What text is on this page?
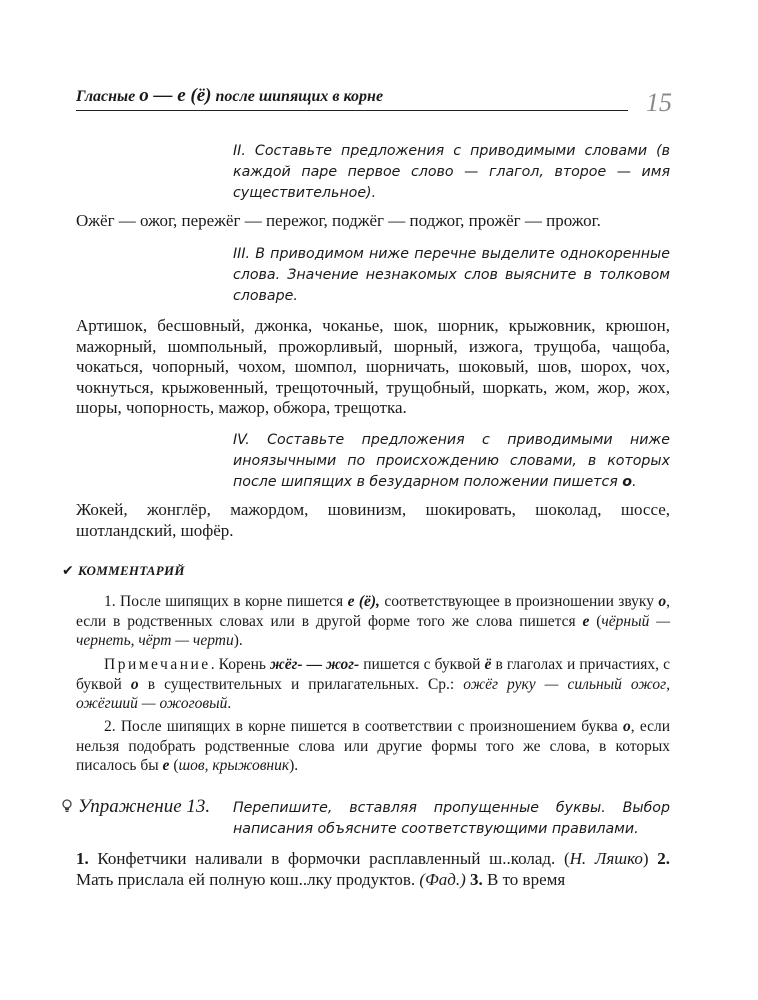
Гласные о — е (ё) после шипящих в корне	15

II. Составьте предложения с приводимыми словами (в каждой паре первое слово — глагол, второе — имя существительное).

Ожёг — ожог, пережёг — пережог, поджёг — поджог, прожёг — прожог.

III. В приводимом ниже перечне выделите однокоренные слова. Значение незнакомых слов выясните в толковом словаре.

Артишок, бесшовный, джонка, чоканье, шок, шорник, крыжовник, крюшон, мажорный, шомпольный, прожорливый, шорный, изжога, трущоба, чащоба, чокаться, чопорный, чохом, шомпол, шорничать, шоковый, шов, шорох, чох, чокнуться, крыжовенный, трещоточный, трущобный, шоркать, жом, жор, жох, шоры, чопорность, мажор, обжора, трещотка.

IV. Составьте предложения с приводимыми ниже иноязычными по происхождению словами, в которых после шипящих в безударном положении пишется о.

Жокей, жонглёр, мажордом, шовинизм, шокировать, шоколад, шоссе, шотландский, шофёр.

✔ КОММЕНТАРИЙ

1. После шипящих в корне пишется е (ё), соответствующее в произношении звуку о, если в родственных словах или в другой форме того же слова пишется е (чёрный — чернеть, чёрт — черти).

Примечание. Корень жёг- — жог- пишется с буквой ё в глаголах и причастиях, с буквой о в существительных и прилагательных. Ср.: ожёг руку — сильный ожог, ожёгший — ожоговый.

2. После шипящих в корне пишется в соответствии с произношением буква о, если нельзя подобрать родственные слова или другие формы того же слова, в которых писалось бы е (шов, крыжовник).

Упражнение 13. Перепишите, вставляя пропущенные буквы. Выбор написания объясните соответствующими правилами.

1. Конфетчики наливали в формочки расплавленный ш..колад. (Н. Ляшко) 2. Мать прислала ей полную кош..лку продуктов. (Фад.) 3. В то время
